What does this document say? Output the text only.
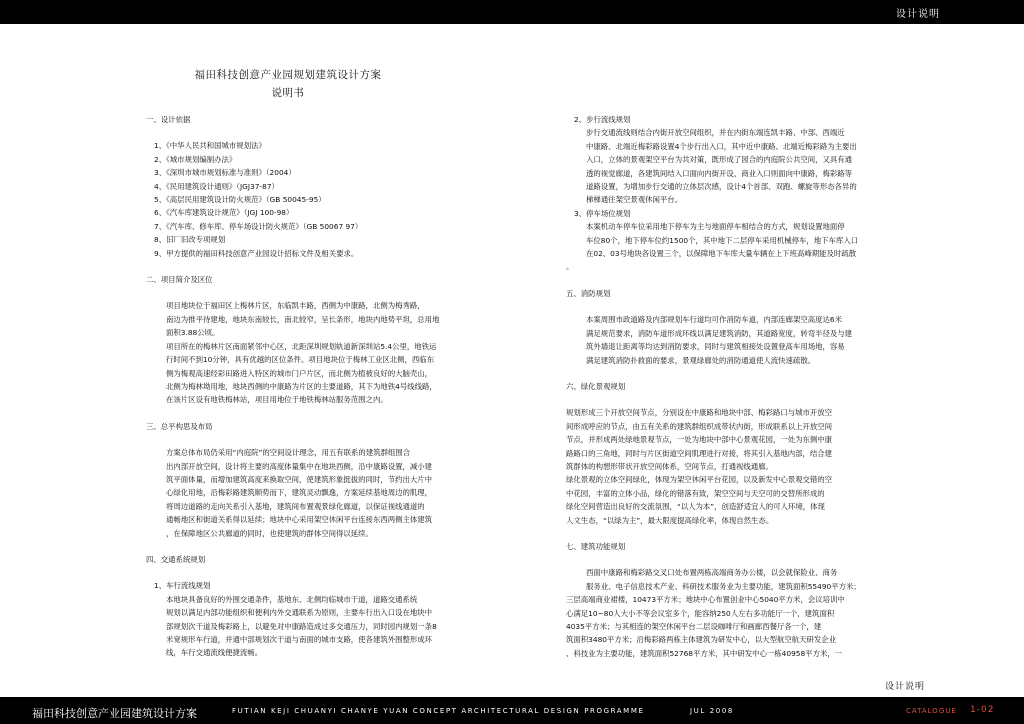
设计说明
福田科技创意产业园规划建筑设计方案
说明书

一、设计依据

1、《中华人民共和国城市规划法》

2、《城市规划编制办法》

3、《深圳市城市规划标准与准则》（2004）

4、《民用建筑设计通则》（JGJ37-87）

5、《高层民用建筑设计防火规范》（GB 50045-95）

6、《汽车库建筑设计规范》（JGJ 100-98）

7、《汽车库、修车库、停车场设计防火规范》（GB 50067 97）

8、旧厂旧改专项规划

9、甲方提供的福田科技创意产业园设计招标文件及相关要求。

二、项目简介及区位

项目地块位于福田区上梅林片区，东临凯丰路，西侧为中康路，北侧为梅秀路，

南边为推平待建地，地块东南较长，南北较窄，呈长条形，地块内地势平坦，总用地

面积3.88公顷。

项目所在的梅林片区南面紧邻中心区，北距深圳规划轨道新深圳站5.4公里，地铁运

行时间不到10分钟，具有优越的区位条件。项目地块位于梅林工业区北侧，西临东

侧为梅观高速经彩田路进入特区的城市门户片区，而北侧为植被良好的大脑壳山，

北侧为梅林坳用地，地块西侧的中康路为片区的主要道路，其下为地铁4号线线路，

在该片区设有地铁梅林站，项目用地位于地铁梅林站服务范围之内。

三、总平构思及布局

方案总体布局仍采用“内庭院”的空间设计理念，用五有联系的建筑群组围合

出内部开放空间，设计将主要的高度体量集中在地块西侧，沿中康路设置，减小建

筑平面体量，而增加建筑高度来换取空间，使建筑形象挺拔的同时，节约出大片中

心绿化用地，沿梅彩路建筑顺势而下，建筑灵动飘逸，方案延续基地周边的肌理，

将周边道路的走向关系引入基地，建筑间布置观景绿化廊道，以保证视线通道的

通畅地区和街道关系得以延续；地块中心采用架空休闲平台连接东西两侧主体建筑

，在保障地区公共廊道的同时，也使建筑的群体空间得以延续。

四、交通系统规划

1、车行流线规划

本地块具备良好的外围交通条件，基地东、北侧均临城市干道，道路交通系统

规划以满足内部功能组织和便利内外交通联系为原则，主要车行出入口设在地块中

部规划次干道及梅彩路上，以避免对中康路造成过多交通压力，同时园内规划一条8

米宽规形车行道，并通中部规划次干道与南面的城市支路，使各建筑外围整形成环

线，车行交通流线便捷流畅。

2、步行流线规划

步行交通流线则结合内街开放空间组织，并在内街东端连凯丰路、中部、西端近

中康路、北端近梅彩路设置4个步行出入口，其中近中康路、北端近梅彩路为主要出

入口，立体的景观架空平台为共对策，既形成了园合的内庭院公共空间，又具有通

透的视觉廊道，各建筑间结入口面向内街开设，商业入口则面向中康路，梅彩路等

道路设置，为增加步行交通的立体层次感，设计4个首部、双跑、螺旋等形态各异的

梯梯通往架空景观休闲平台。

3、停车场位规划

本案机动车停车位采用地下停车为主与地面停车相结合的方式，规划设置地面停

车位80个，地下停车位约1500个，其中地下二层停车采用机械停车，地下车库入口

在02、03号地块各设置三个，以保障地下车库大量车辆在上下班高峰期能及时疏散

。

五、消防规划

本案周围市政道路及内部规划车行道均可作消防车道，内部连廊架空高度达6米

满足规范要求，消防车道形成环线以满足建筑消防，其道路宽度，转弯半径及与建

筑外墙退让距离等均达到消防要求，同时与建筑相接处设置登高车用场地，容易

满足建筑消防扑救面的要求，景观绿廊处的消防通道使人流快速疏散。

六、绿化景观规划

规划形成三个开放空间节点，分别设在中康路和地块中部、梅彩路口与城市开放空

间形成呼应的节点，由五有关系的建筑群组织成带状内街，形成联系以上开放空间

节点，并形成两处绿地景观节点，一处为地块中部中心景观花园，一处为东侧中康

路路口的三角地，同时与片区街道空间肌理进行对接，将其引入基地内部，结合建

筑群体的构想形带状开放空间体系，空间节点，打通视线通廊。

绿化景观的立体空间绿化，体现为架空休闲平台花园，以及新发中心景观交错的空

中花园，丰富的立体小品，绿化的错落有致，架空空间与天空可的交替所形成的

绿化空间营造出良好的交流氛围，“以人为本”，创造舒适宜人的可人环境，体现

人文生态，“以绿为主”，最大限度提高绿化率，体现自然生态。

七、建筑功能规划

西面中康路和梅彩路交叉口处布置两栋高端商务办公楼，以会就保险业、商务

服务业、电子信息技术产业、科研技术服务业为主要功能，建筑面积55490平方米；

三层高端商业裙楼，10473平方米；地块中心布置创业中心5040平方米，会议培训中

心满足10~80人大小不等会议室多个，能容纳250人左右多功能厅一个，建筑面积

4035平方米；与其相连的架空休闲平台二层设咖啡厅和画廊西餐厅各一个，建

筑面积3480平方米；沿梅彩路两栋主体建筑为研发中心，以大型航空航天研发企业

、科技业为主要功能，建筑面积52768平方米，其中研发中心一栋40958平方米，一

设计说明
福田科技创意产业园建筑设计方案	FUTIAN KEJI CHUANYI CHANYE YUAN CONCEPT ARCHITECTURAL DESIGN PROGRAMME	JUL 2008	CATALOGUE 1-02
